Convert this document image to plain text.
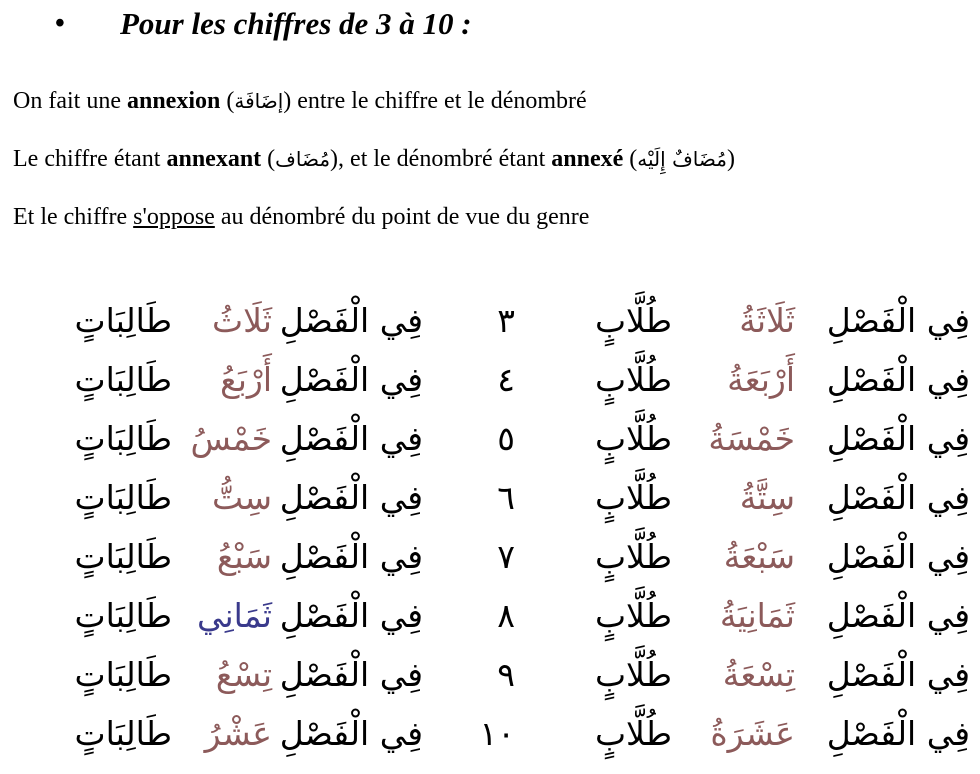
•	Pour les chiffres de 3 à 10 :
On fait une annexion (إضَافَة) entre le chiffre et le dénombré
Le chiffre étant annexant (مُضَاف), et le dénombré étant annexé (مُضَافٌ إِلَيْه)
Et le chiffre s'oppose au dénombré du point de vue du genre
فِي الْفَصْلِ
ثَلَاثَةُ
طُلَّابٍ
٣
فِي الْفَصْلِ
ثَلَاثُ
طَالِبَاتٍ
فِي الْفَصْلِ
أَرْبَعَةُ
طُلَّابٍ
٤
فِي الْفَصْلِ
أَرْبَعُ
طَالِبَاتٍ
فِي الْفَصْلِ
خَمْسَةُ
طُلَّابٍ
٥
فِي الْفَصْلِ
خَمْسُ
طَالِبَاتٍ
فِي الْفَصْلِ
سِتَّةُ
طُلَّابٍ
٦
فِي الْفَصْلِ
سِتُّ
طَالِبَاتٍ
فِي الْفَصْلِ
سَبْعَةُ
طُلَّابٍ
٧
فِي الْفَصْلِ
سَبْعُ
طَالِبَاتٍ
فِي الْفَصْلِ
ثَمَانِيَةُ
طُلَّابٍ
٨
فِي الْفَصْلِ
ثَمَانِي
طَالِبَاتٍ
فِي الْفَصْلِ
تِسْعَةُ
طُلَّابٍ
٩
فِي الْفَصْلِ
تِسْعُ
طَالِبَاتٍ
فِي الْفَصْلِ
عَشَرَةُ
طُلَّابٍ
١٠
فِي الْفَصْلِ
عَشْرُ
طَالِبَاتٍ
